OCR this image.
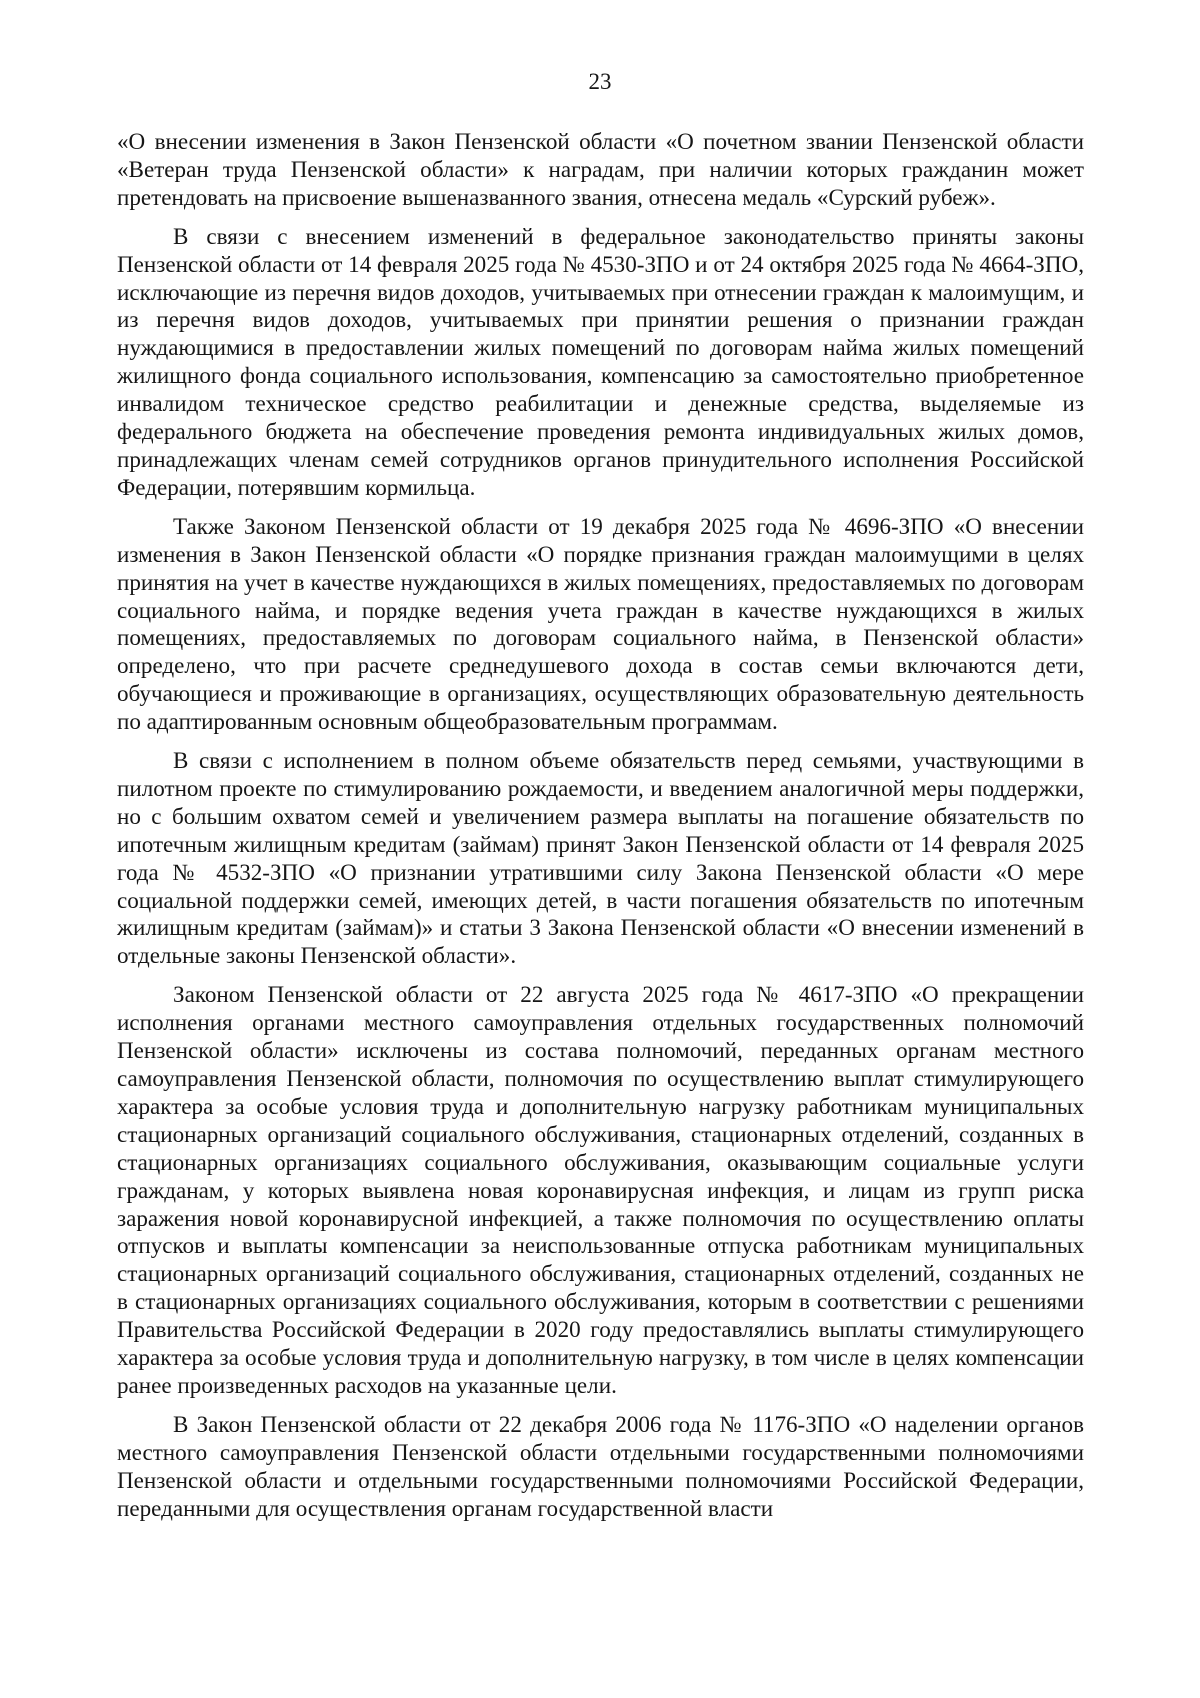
23

«О внесении изменения в Закон Пензенской области «О почетном звании Пензенской области «Ветеран труда Пензенской области» к наградам, при наличии которых гражданин может претендовать на присвоение вышеназванного звания, отнесена медаль «Сурский рубеж».

В связи с внесением изменений в федеральное законодательство приняты законы Пензенской области от 14 февраля 2025 года № 4530-ЗПО и от 24 октября 2025 года № 4664-ЗПО, исключающие из перечня видов доходов, учитываемых при отнесении граждан к малоимущим, и из перечня видов доходов, учитываемых при принятии решения о признании граждан нуждающимися в предоставлении жилых помещений по договорам найма жилых помещений жилищного фонда социального использования, компенсацию за самостоятельно приобретенное инвалидом техническое средство реабилитации и денежные средства, выделяемые из федерального бюджета на обеспечение проведения ремонта индивидуальных жилых домов, принадлежащих членам семей сотрудников органов принудительного исполнения Российской Федерации, потерявшим кормильца.

Также Законом Пензенской области от 19 декабря 2025 года № 4696-ЗПО «О внесении изменения в Закон Пензенской области «О порядке признания граждан малоимущими в целях принятия на учет в качестве нуждающихся в жилых помещениях, предоставляемых по договорам социального найма, и порядке ведения учета граждан в качестве нуждающихся в жилых помещениях, предоставляемых по договорам социального найма, в Пензенской области» определено, что при расчете среднедушевого дохода в состав семьи включаются дети, обучающиеся и проживающие в организациях, осуществляющих образовательную деятельность по адаптированным основным общеобразовательным программам.

В связи с исполнением в полном объеме обязательств перед семьями, участвующими в пилотном проекте по стимулированию рождаемости, и введением аналогичной меры поддержки, но с большим охватом семей и увеличением размера выплаты на погашение обязательств по ипотечным жилищным кредитам (займам) принят Закон Пензенской области от 14 февраля 2025 года № 4532-ЗПО «О признании утратившими силу Закона Пензенской области «О мере социальной поддержки семей, имеющих детей, в части погашения обязательств по ипотечным жилищным кредитам (займам)» и статьи 3 Закона Пензенской области «О внесении изменений в отдельные законы Пензенской области».

Законом Пензенской области от 22 августа 2025 года № 4617-ЗПО «О прекращении исполнения органами местного самоуправления отдельных государственных полномочий Пензенской области» исключены из состава полномочий, переданных органам местного самоуправления Пензенской области, полномочия по осуществлению выплат стимулирующего характера за особые условия труда и дополнительную нагрузку работникам муниципальных стационарных организаций социального обслуживания, стационарных отделений, созданных в стационарных организациях социального обслуживания, оказывающим социальные услуги гражданам, у которых выявлена новая коронавирусная инфекция, и лицам из групп риска заражения новой коронавирусной инфекцией, а также полномочия по осуществлению оплаты отпусков и выплаты компенсации за неиспользованные отпуска работникам муниципальных стационарных организаций социального обслуживания, стационарных отделений, созданных не в стационарных организациях социального обслуживания, которым в соответствии с решениями Правительства Российской Федерации в 2020 году предоставлялись выплаты стимулирующего характера за особые условия труда и дополнительную нагрузку, в том числе в целях компенсации ранее произведенных расходов на указанные цели.

В Закон Пензенской области от 22 декабря 2006 года № 1176-ЗПО «О наделении органов местного самоуправления Пензенской области отдельными государственными полномочиями Пензенской области и отдельными государственными полномочиями Российской Федерации, переданными для осуществления органам государственной власти
